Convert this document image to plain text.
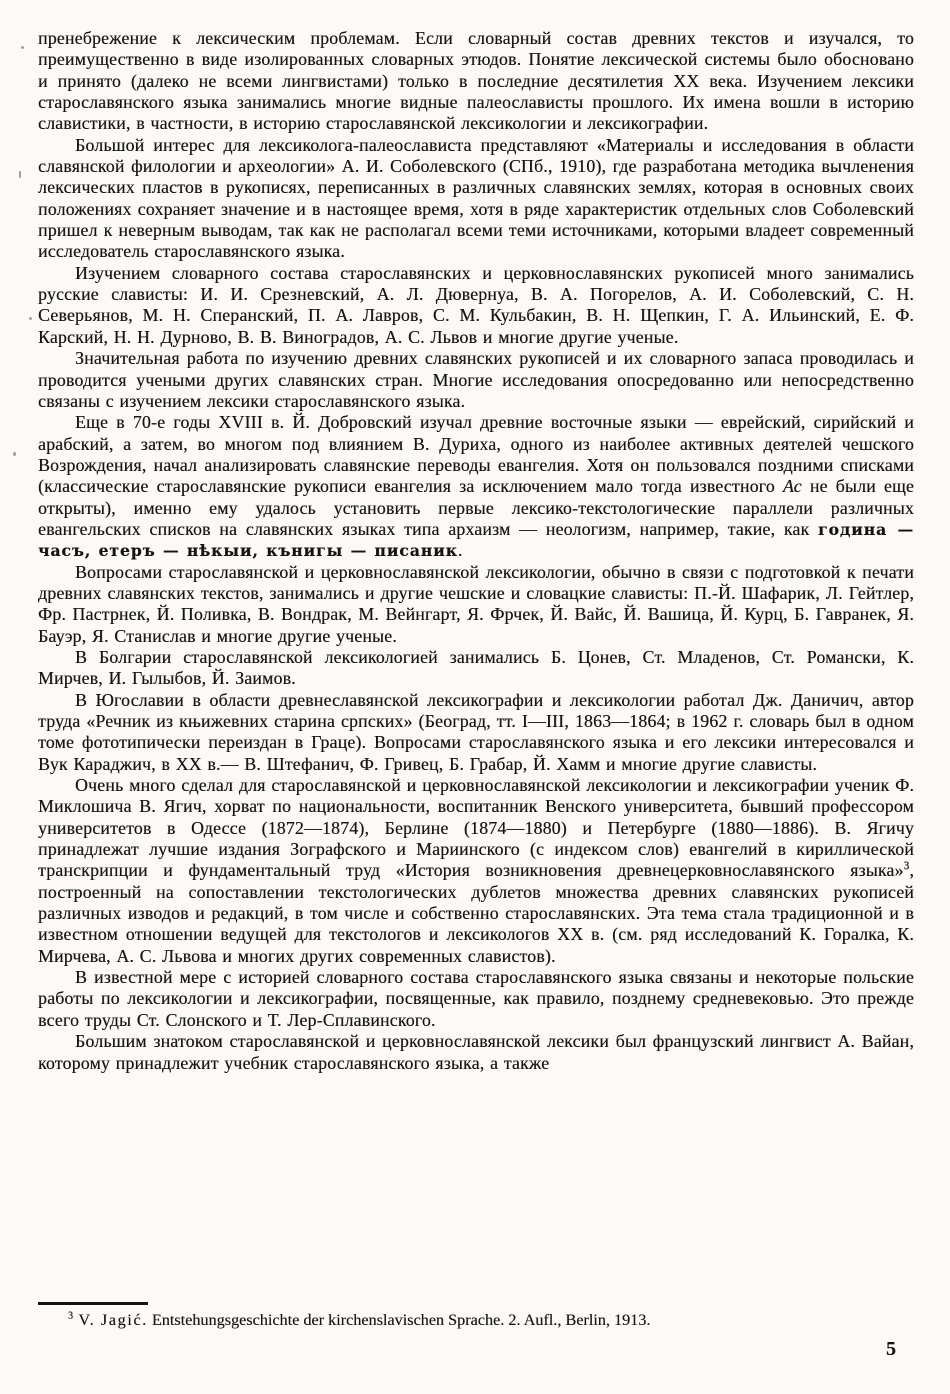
пренебрежение к лексическим проблемам. Если словарный состав древних текстов и изучался, то преимущественно в виде изолированных словарных этюдов. Понятие лексической системы было обосновано и принято (далеко не всеми лингвистами) только в последние десятилетия XX века. Изучением лексики старославянского языка занимались многие видные палеослависты прошлого. Их имена вошли в историю славистики, в частности, в историю старославянской лексикологии и лексикографии.

Большой интерес для лексиколога-палеослависта представляют «Материалы и исследования в области славянской филологии и археологии» А. И. Соболевского (СПб., 1910), где разработана методика вычленения лексических пластов в рукописях, переписанных в различных славянских землях, которая в основных своих положениях сохраняет значение и в настоящее время, хотя в ряде характеристик отдельных слов Соболевский пришел к неверным выводам, так как не располагал всеми теми источниками, которыми владеет современный исследователь старославянского языка.

Изучением словарного состава старославянских и церковнославянских рукописей много занимались русские слависты: И. И. Срезневский, А. Л. Дювернуа, В. А. Погорелов, А. И. Соболевский, С. Н. Северьянов, М. Н. Сперанский, П. А. Лавров, С. М. Кульбакин, В. Н. Щепкин, Г. А. Ильинский, Е. Ф. Карский, Н. Н. Дурново, В. В. Виноградов, А. С. Львов и многие другие ученые.

Значительная работа по изучению древних славянских рукописей и их словарного запаса проводилась и проводится учеными других славянских стран. Многие исследования опосредованно или непосредственно связаны с изучением лексики старославянского языка.

Еще в 70-е годы XVIII в. Й. Добровский изучал древние восточные языки — еврейский, сирийский и арабский, а затем, во многом под влиянием В. Дуриха, одного из наиболее активных деятелей чешского Возрождения, начал анализировать славянские переводы евангелия. Хотя он пользовался поздними списками (классические старославянские рукописи евангелия за исключением мало тогда известного Ас не были еще открыты), именно ему удалось установить первые лексико-текстологические параллели различных евангельских списков на славянских языках типа архаизм — неологизм, например, такие, как година — часъ, етеръ — нѣкыи, кънигы — писаник.

Вопросами старославянской и церковнославянской лексикологии, обычно в связи с подготовкой к печати древних славянских текстов, занимались и другие чешские и словацкие слависты: П.-Й. Шафарик, Л. Гейтлер, Фр. Пастрнек, Й. Поливка, В. Вондрак, М. Вейнгарт, Я. Фрчек, Й. Вайс, Й. Вашица, Й. Курц, Б. Гавранек, Я. Бауэр, Я. Станислав и многие другие ученые.

В Болгарии старославянской лексикологией занимались Б. Цонев, Ст. Младенов, Ст. Романски, К. Мирчев, И. Гылыбов, Й. Заимов.

В Югославии в области древнеславянской лексикографии и лексикологии работал Дж. Даничич, автор труда «Речник из књижевних старина српских» (Београд, тт. I—III, 1863—1864; в 1962 г. словарь был в одном томе фототипически переиздан в Граце). Вопросами старославянского языка и его лексики интересовался и Вук Караджич, в XX в.— В. Штефанич, Ф. Гривец, Б. Грабар, Й. Хамм и многие другие слависты.

Очень много сделал для старославянской и церковнославянской лексикологии и лексикографии ученик Ф. Миклошича В. Ягич, хорват по национальности, воспитанник Венского университета, бывший профессором университетов в Одессе (1872—1874), Берлине (1874—1880) и Петербурге (1880—1886). В. Ягичу принадлежат лучшие издания Зографского и Мариинского (с индексом слов) евангелий в кириллической транскрипции и фундаментальный труд «История возникновения древнецерковнославянского языка»$^3$, построенный на сопоставлении текстологических дублетов множества древних славянских рукописей различных изводов и редакций, в том числе и собственно старославянских. Эта тема стала традиционной и в известном отношении ведущей для текстологов и лексикологов XX в. (см. ряд исследований К. Горалка, К. Мирчева, А. С. Львова и многих других современных славистов).

В известной мере с историей словарного состава старославянского языка связаны и некоторые польские работы по лексикологии и лексикографии, посвященные, как правило, позднему средневековью. Это прежде всего труды Ст. Слонского и Т. Лер-Сплавинского.

Большим знатоком старославянской и церковнославянской лексики был французский лингвист А. Вайан, которому принадлежит учебник старославянского языка, а также

$^3$ V. Jagić. Entstehungsgeschichte der kirchenslavischen Sprache. 2. Aufl., Berlin, 1913.

5
